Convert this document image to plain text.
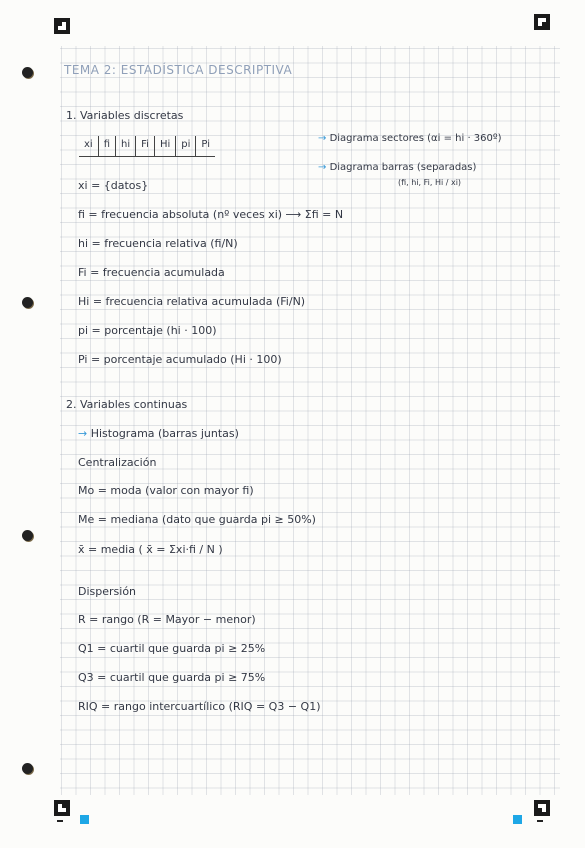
TEMA 2: ESTADÍSTICA DESCRIPTIVA
1. Variables discretas
xi	fi	hi	Fi	Hi	pi	Pi
→ Diagrama sectores (αi = hi · 360º)
→ Diagrama barras (separadas)
(fi, hi, Fi, Hi / xi)
xi = {datos}
fi = frecuencia absoluta (nº veces xi) ⟶ Σfi = N
hi = frecuencia relativa (fi/N)
Fi = frecuencia acumulada
Hi = frecuencia relativa acumulada (Fi/N)
pi = porcentaje (hi · 100)
Pi = porcentaje acumulado (Hi · 100)
2. Variables continuas
→ Histograma (barras juntas)
Centralización
Mo = moda (valor con mayor fi)
Me = mediana (dato que guarda pi ≥ 50%)
x̄ = media ( x̄ = Σxi·fi / N )
Dispersión
R = rango (R = Mayor − menor)
Q1 = cuartil que guarda pi ≥ 25%
Q3 = cuartil que guarda pi ≥ 75%
RIQ = rango intercuartílico (RIQ = Q3 − Q1)
